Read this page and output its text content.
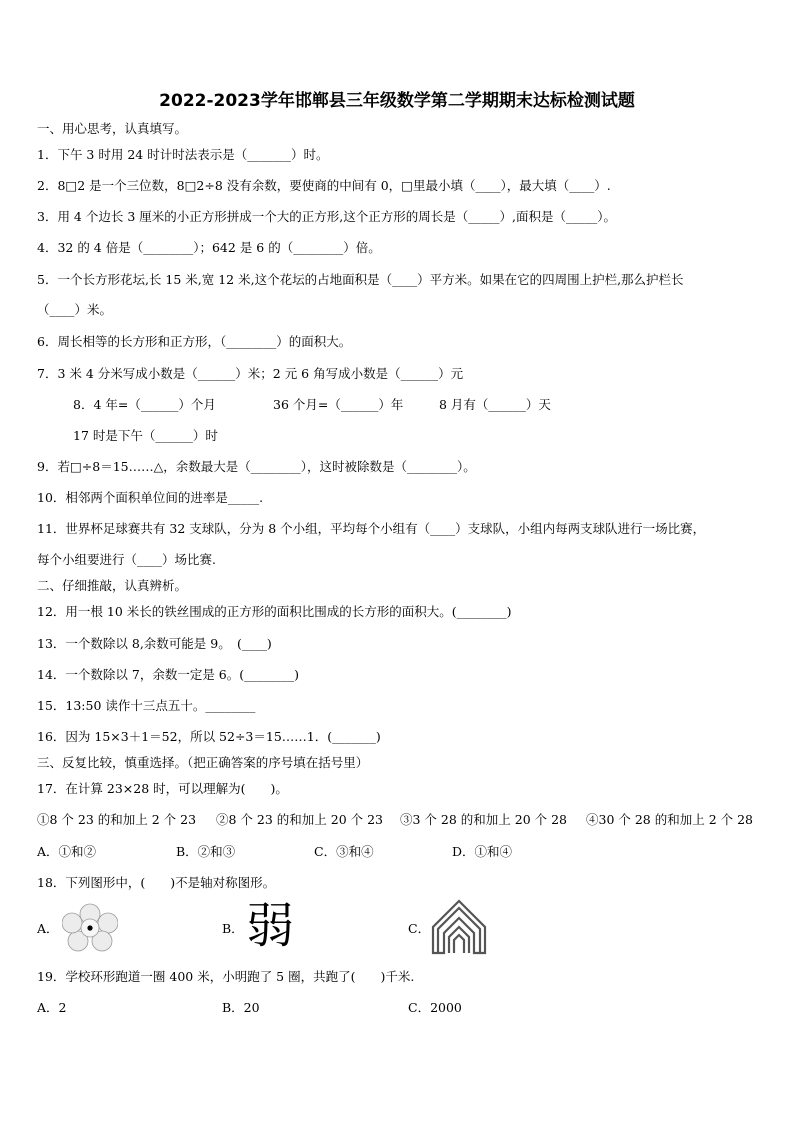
2022-2023学年邯郸县三年级数学第二学期期末达标检测试题
一、用心思考，认真填写。
1．下午 3 时用 24 时计时法表示是（_______）时。
2．8□2 是一个三位数，8□2÷8 没有余数，要使商的中间有 0，□里最小填（____），最大填（____）.
3．用 4 个边长 3 厘米的小正方形拼成一个大的正方形,这个正方形的周长是（_____）,面积是（_____）。
4．32 的 4 倍是（________）；642 是 6 的（________）倍。
5．一个长方形花坛,长 15 米,宽 12 米,这个花坛的占地面积是（____）平方米。如果在它的四周围上护栏,那么护栏长
（____）米。
6．周长相等的长方形和正方形，（________）的面积大。
7．3 米 4 分米写成小数是（______）米；2 元 6 角写成小数是（______）元
8．4 年=（______）个月	36 个月=（______）年	8 月有（______）天
17 时是下午（______）时
9．若□÷8＝15……△，余数最大是（________），这时被除数是（________）。
10．相邻两个面积单位间的进率是_____.
11．世界杯足球赛共有 32 支球队，分为 8 个小组，平均每个小组有（____）支球队，小组内每两支球队进行一场比赛，
每个小组要进行（____）场比赛.
二、仔细推敲，认真辨析。
12．用一根 10 米长的铁丝围成的正方形的面积比围成的长方形的面积大。(________)
13．一个数除以 8,余数可能是 9。　(____)
14．一个数除以 7，余数一定是 6。(________)
15．13:50 读作十三点五十。________
16．因为 15×3＋1＝52，所以 52÷3＝15……1．(_______)
三、反复比较，慎重选择。（把正确答案的序号填在括号里）
17．在计算 23×28 时，可以理解为(　　)。
①8 个 23 的和加上 2 个 23 ②8 个 23 的和加上 20 个 23 ③3 个 28 的和加上 20 个 28 ④30 个 28 的和加上 2 个 28
A．①和②	B．②和③	C．③和④	D．①和④
18．下列图形中，(　　)不是轴对称图形。
A．	B． 弱	C．
19．学校环形跑道一圈 400 米，小明跑了 5 圈，共跑了(　　)千米.
A．2	B．20	C．2000
